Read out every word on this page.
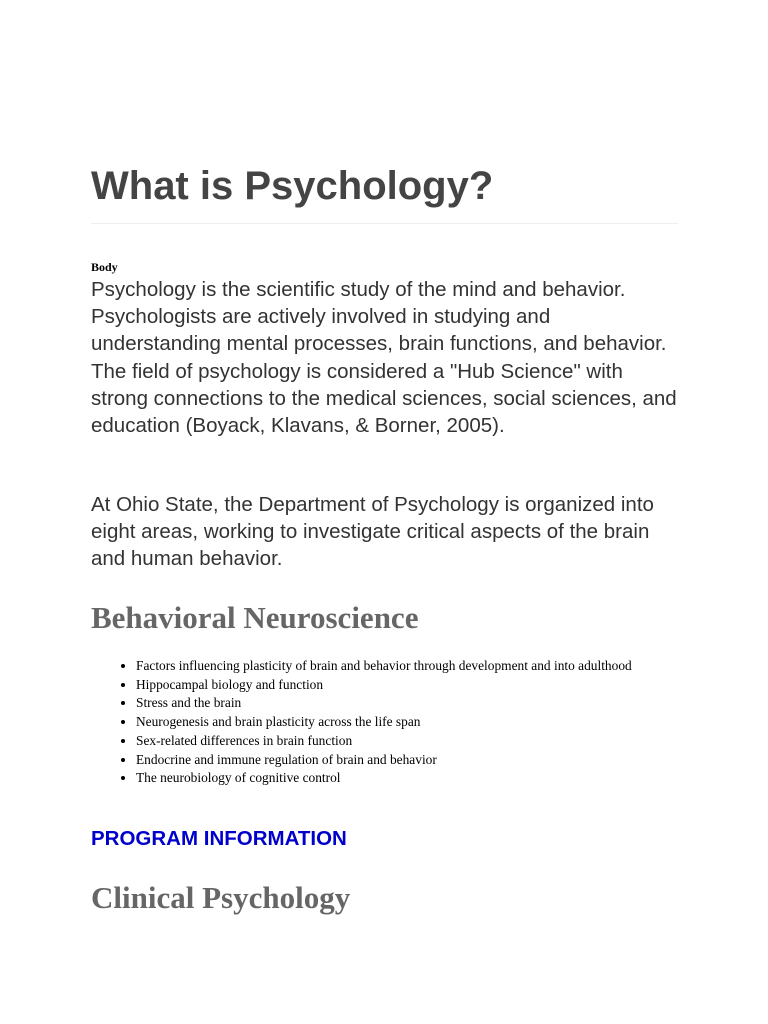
What is Psychology?
Body

Psychology is the scientific study of the mind and behavior. Psychologists are actively involved in studying and understanding mental processes, brain functions, and behavior. The field of psychology is considered a "Hub Science" with strong connections to the medical sciences, social sciences, and education (Boyack, Klavans, & Borner, 2005).

At Ohio State, the Department of Psychology is organized into eight areas, working to investigate critical aspects of the brain and human behavior.

Behavioral Neuroscience
• Factors influencing plasticity of brain and behavior through development and into adulthood
• Hippocampal biology and function
• Stress and the brain
• Neurogenesis and brain plasticity across the life span
• Sex-related differences in brain function
• Endocrine and immune regulation of brain and behavior
• The neurobiology of cognitive control
PROGRAM INFORMATION
Clinical Psychology
